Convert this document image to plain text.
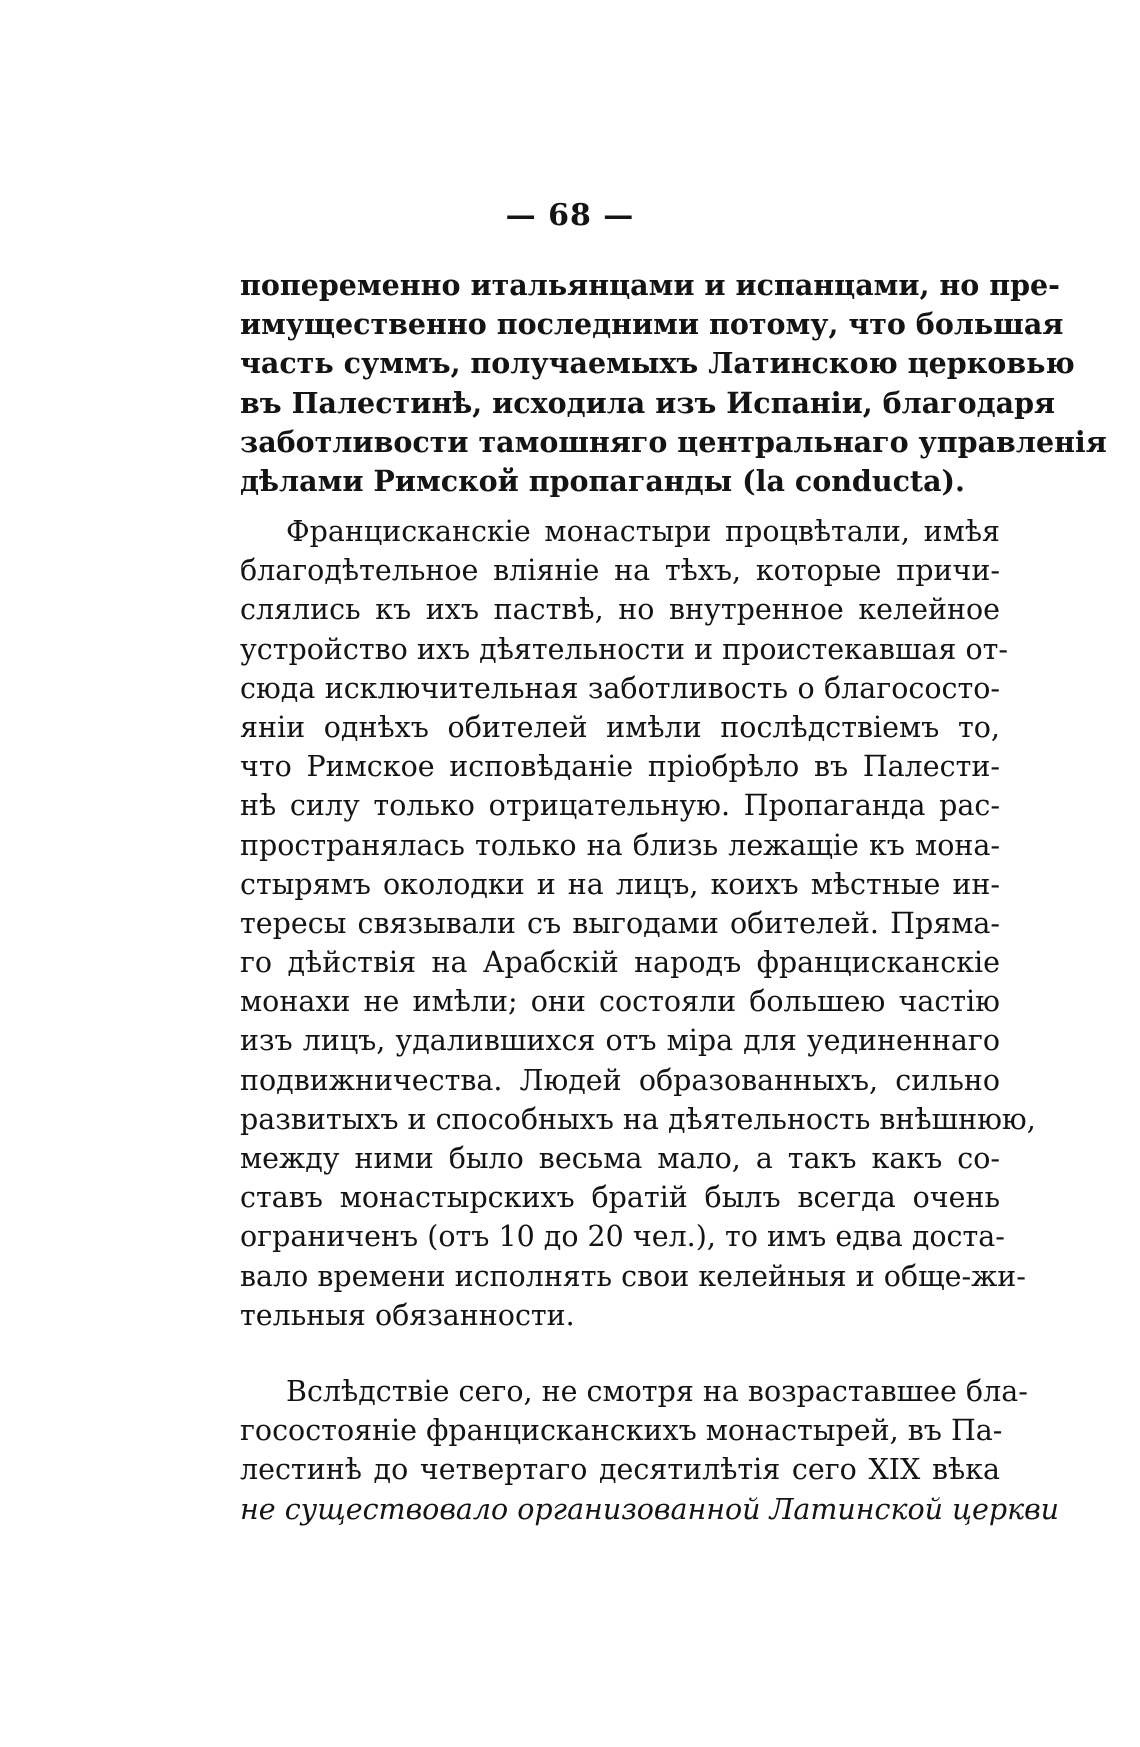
— 68 —
попеременно итальянцами и испанцами, но пре-
имущественно последними потому, что большая
часть суммъ, получаемыхъ Латинскою церковью
въ Палестинѣ, исходила изъ Испаніи, благодаря
заботливости тамошняго центральнаго управленія
дѣлами Римской пропаганды (la conducta).
Францисканскіе монастыри процвѣтали, имѣя
благодѣтельное вліяніе на тѣхъ, которые причи-
слялись къ ихъ паствѣ, но внутренное келейное
устройство ихъ дѣятельности и проистекавшая от-
сюда исключительная заботливость о благососто-
яніи однѣхъ обителей имѣли послѣдствіемъ то,
что Римское исповѣданіе пріобрѣло въ Палести-
нѣ силу только отрицательную. Пропаганда рас-
пространялась только на близь лежащіе къ мона-
стырямъ околодки и на лицъ, коихъ мѣстные ин-
тересы связывали съ выгодами обителей. Пряма-
го дѣйствія на Арабскій народъ францисканскіе
монахи не имѣли; они состояли большею частію
изъ лицъ, удалившихся отъ міра для уединеннаго
подвижничества. Людей образованныхъ, сильно
развитыхъ и способныхъ на дѣятельность внѣшнюю,
между ними было весьма мало, а такъ какъ со-
ставъ монастырскихъ братій былъ всегда очень
ограниченъ (отъ 10 до 20 чел.), то имъ едва доста-
вало времени исполнять свои келейныя и обще-жи-
тельныя обязанности.
Вслѣдствіе сего, не смотря на возраставшее бла-
госостояніе францисканскихъ монастырей, въ Па-
лестинѣ до четвертаго десятилѣтія сего XIX вѣка
не существовало организованной Латинской церкви
